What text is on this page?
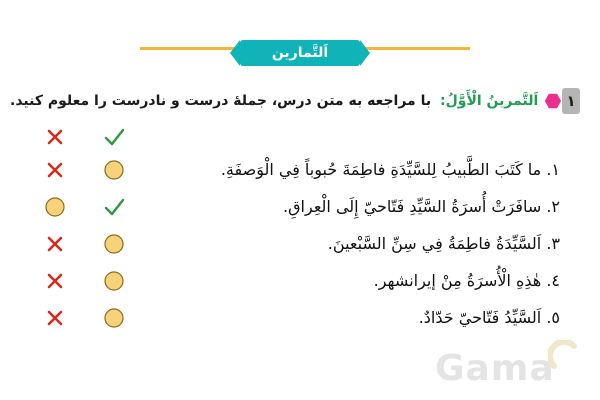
اَلتَّمارين
١
اَلتَّمرينُ الْأَوَّلُ: با مراجعه به متن درس، جملهٔ درست و نادرست را معلوم کنید.
١. ما كَتَبَ الطَّبيبُ لِلسَّيِّدَةِ فاطِمَةَ حُبوباً فِي الْوَصفَةِ.
٢. سافَرَتْ أُسرَةُ السَّيِّدِ فَتّاحيّ إِلَى الْعِراقِ.
٣. اَلسَّيِّدَةُ فاطِمَةُ فِي سِنِّ السَّبْعينَ.
٤. هٰذِهِ الْأُسرَةُ مِنْ إيرانشهر.
٥. اَلسَّيِّدُ فَتّاحيّ حَدّادٌ.
Gama
